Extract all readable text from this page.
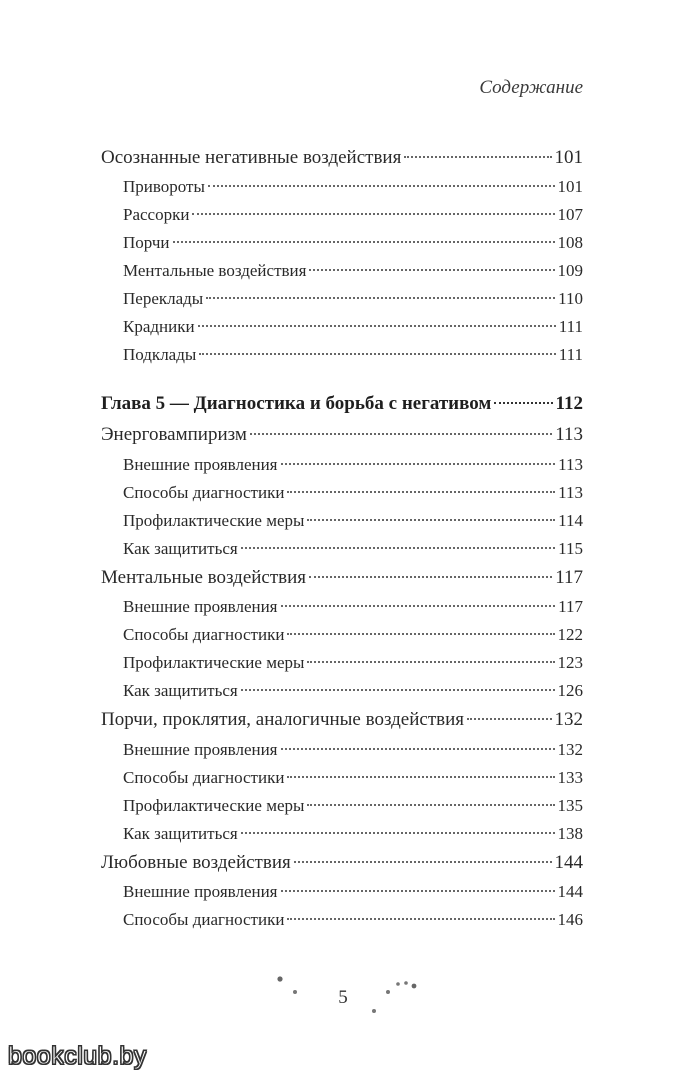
Содержание
Осознанные негативные воздействия	101
Привороты	101
Рассорки	107
Порчи	108
Ментальные воздействия	109
Переклады	110
Крадники	111
Подклады	111
Глава 5 — Диагностика и борьба с негативом	112
Энерговампиризм	113
Внешние проявления	113
Способы диагностики	113
Профилактические меры	114
Как защититься	115
Ментальные воздействия	117
Внешние проявления	117
Способы диагностики	122
Профилактические меры	123
Как защититься	126
Порчи, проклятия, аналогичные воздействия	132
Внешние проявления	132
Способы диагностики	133
Профилактические меры	135
Как защититься	138
Любовные воздействия	144
Внешние проявления	144
Способы диагностики	146
5
bookclub.by
